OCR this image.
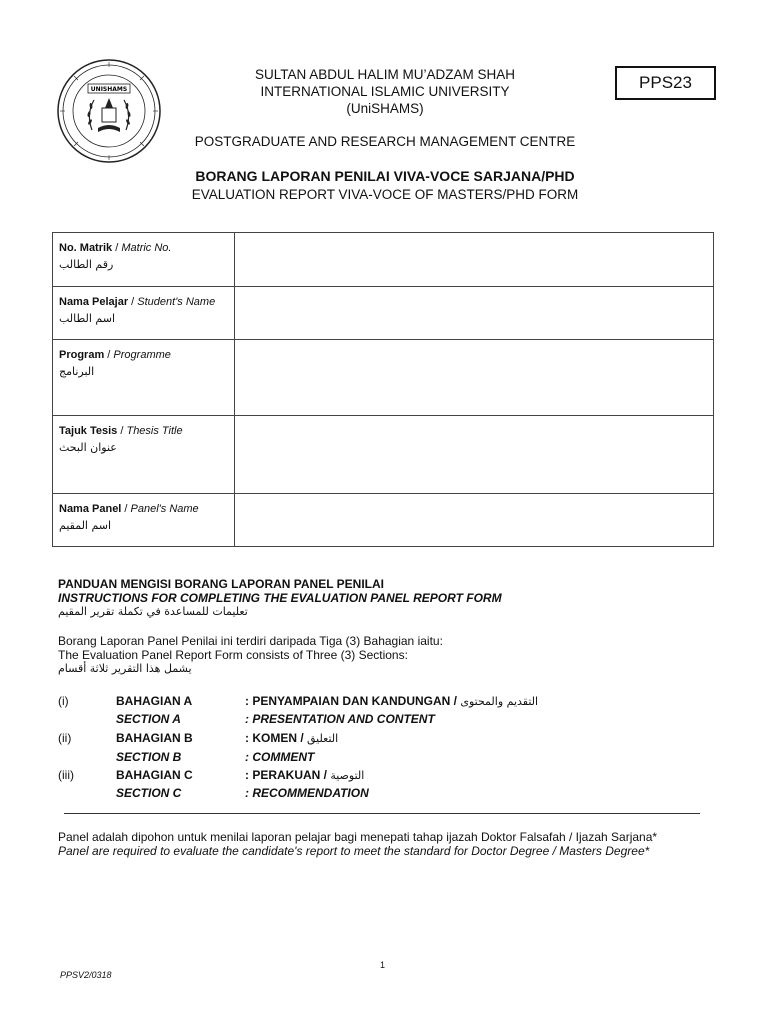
UNISHAMS
SULTAN ABDUL HALIM MU’ADZAM SHAH
INTERNATIONAL ISLAMIC UNIVERSITY
(UniSHAMS)
POSTGRADUATE AND RESEARCH MANAGEMENT CENTRE
BORANG LAPORAN PENILAI VIVA-VOCE SARJANA/PHD
EVALUATION REPORT VIVA-VOCE OF MASTERS/PHD FORM
PPS23
No. Matrik / Matric No.
رقم الطالب	

Nama Pelajar / Student's Name
اسم الطالب	

Program / Programme
البرنامج	

Tajuk Tesis / Thesis Title
عنوان البحث	

Nama Panel / Panel's Name
اسم المقيم	

PANDUAN MENGISI BORANG LAPORAN PANEL PENILAI
INSTRUCTIONS FOR COMPLETING THE EVALUATION PANEL REPORT FORM
تعليمات للمساعدة في تكملة تقرير المقيم
Borang Laporan Panel Penilai ini terdiri daripada Tiga (3) Bahagian iaitu:
The Evaluation Panel Report Form consists of Three (3) Sections:
يشمل هذا التقرير ثلاثة أقسام
(i)	BAHAGIAN A	: PENYAMPAIAN DAN KANDUNGAN / التقديم والمحتوى
SECTION A	: PRESENTATION AND CONTENT
(ii)	BAHAGIAN B	: KOMEN / التعليق
SECTION B	: COMMENT
(iii)	BAHAGIAN C	: PERAKUAN / التوصية
SECTION C	: RECOMMENDATION
Panel adalah dipohon untuk menilai laporan pelajar bagi menepati tahap ijazah Doktor Falsafah / Ijazah Sarjana*
Panel are required to evaluate the candidate's report to meet the standard for Doctor Degree / Masters Degree*
1
PPSV2/0318
